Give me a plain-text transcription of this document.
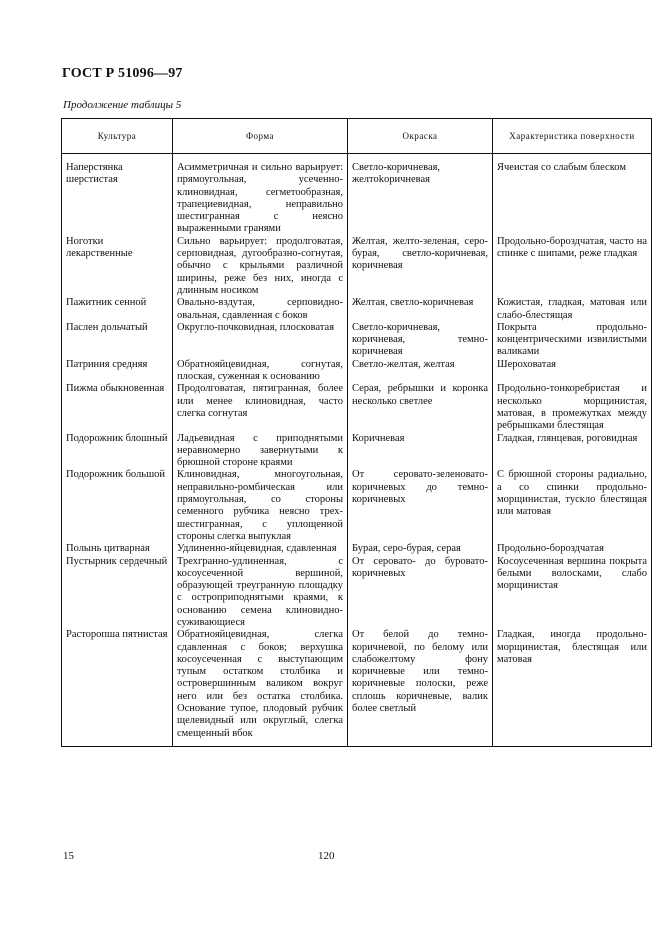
ГОСТ Р 51096—97
Продолжение таблицы 5
Культура	Форма	Окраска	Характеристика поверхности
Наперстянка шерстистая	Асимметричная и сильно варьирует: прямоугольная, усеченно-клиновидная, сегметообразная, трапециевидная, неправильно шестигранная с неясно выраженными гранями	Светло-коричневая, желтоkоричневая	Ячеистая со слабым блеском
Ноготки лекарственные	Сильно варьирует: продолговатая, серповидная, дугообразно-согнутая, обычно с крыльями различной ширины, реже без них, иногда с длинным носиком	Желтая, желто-зеленая, серо-бурая, светло-коричневая, коричневая	Продольно-бороздчатая, часто на спинке с шипами, реже гладкая
Пажитник сенной	Овально-вздутая, серповидно-овальная, сдавленная с боков	Желтая, светло-коричневая	Кожистая, гладкая, матовая или слабо-блестящая
Паслен дольчатый	Округло-почковидная, плосковатая	Светло-коричневая, коричневая, темно-коричневая	Покрыта продольно-концентрическими извилистыми валиками
Патриния средняя	Обратнояйцевидная, согнутая, плоская, суженная к основанию	Светло-желтая, желтая	Шероховатая
Пижма обыкновенная	Продолговатая, пятигранная, более или менее клиновидная, часто слегка согнутая	Серая, ребрышки и коронка несколько светлее	Продольно-тонкоребристая и несколько морщинистая, матовая, в промежутках между ребрышками блестящая
Подорожник блошный	Ладьевидная с приподнятыми неравномерно завернутыми к брюшной стороне краями	Коричневая	Гладкая, глянцевая, роговидная
Подорожник большой	Клиновидная, многоугольная, неправильно-ромбическая или прямоугольная, со стороны семенного рубчика неясно трех-шестигранная, с уплощенной стороны слегка выпуклая	От серовато-зеленовато-коричневых до темно-коричневых	С брюшной стороны радиально, а со спинки продольно-морщинистая, тускло блестящая или матовая
Полынь цитварная	Удлиненно-яйцевидная, сдавленная	Бурая, серо-бурая, серая	Продольно-бороздчатая
Пустырник сердечный	Трехгранно-удлиненная, с косоусеченной вершиной, образующей треугранную площадку с остроприподнятыми краями, к основанию семена клиновидно-суживающиеся	От серовато- до буровато-коричневых	Косоусеченная вершина покрыта белыми волосками, слабо морщинистая
Расторопша пятнистая	Обратнояйцевидная, слегка сдавленная с боков; верхушка косоусеченная с выступающим тупым остатком столбика и островершинным валиком вокруг него или без остатка столбика. Основание тупое, плодовый рубчик щелевидный или округлый, слегка смещенный вбок	От белой до темно-коричневой, по белому или слабожелтому фону коричневые или темно-коричневые полоски, реже сплошь коричневые, валик более светлый	Гладкая, иногда продольно-морщинистая, блестящая или матовая
15	120
